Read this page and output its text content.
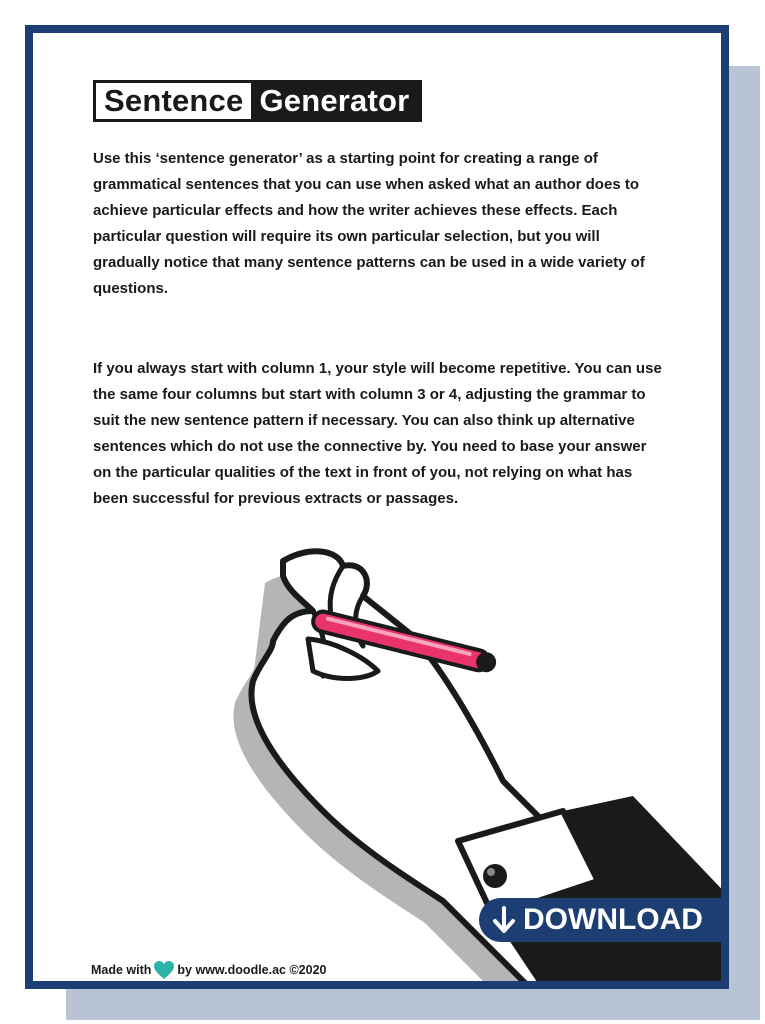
Sentence Generator

Use this ‘sentence generator’ as a starting point for creating a range of grammatical sentences that you can use when asked what an author does to achieve particular effects and how the writer achieves these effects. Each particular question will require its own particular selection, but you will gradually notice that many sentence patterns can be used in a wide variety of questions.

If you always start with column 1, your style will become repetitive. You can use the same four columns but start with column 3 or 4, adjusting the grammar to suit the new sentence pattern if necessary. You can also think up alternative sentences which do not use the connective by. You need to base your answer on the particular qualities of the text in front of you, not relying on what has been successful for previous extracts or passages.

DOWNLOAD
Made with by www.doodle.ac ©2020
